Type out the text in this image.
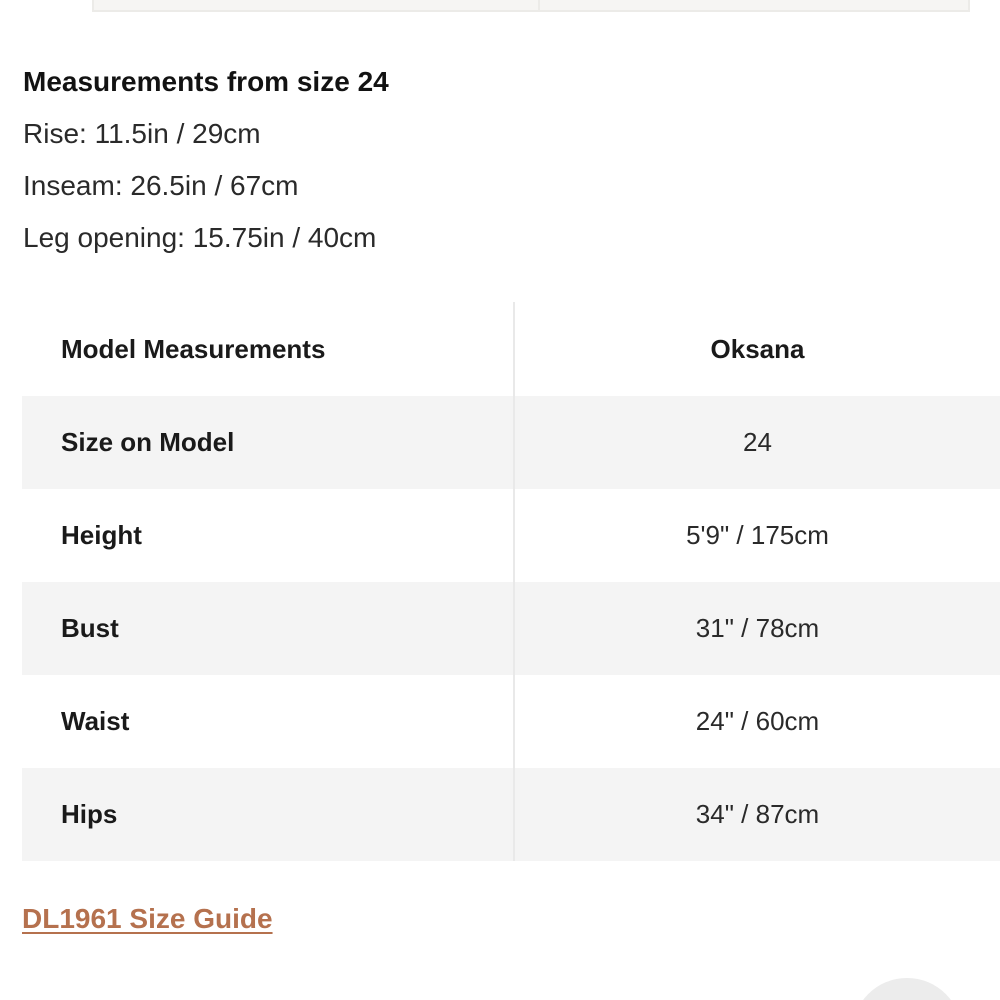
Measurements from size 24
Rise: 11.5in / 29cm
Inseam: 26.5in / 67cm
Leg opening: 15.75in / 40cm
Model Measurements	Oksana
Size on Model	24
Height	5'9" / 175cm
Bust	31" / 78cm
Waist	24" / 60cm
Hips	34" / 87cm
DL1961 Size Guide
